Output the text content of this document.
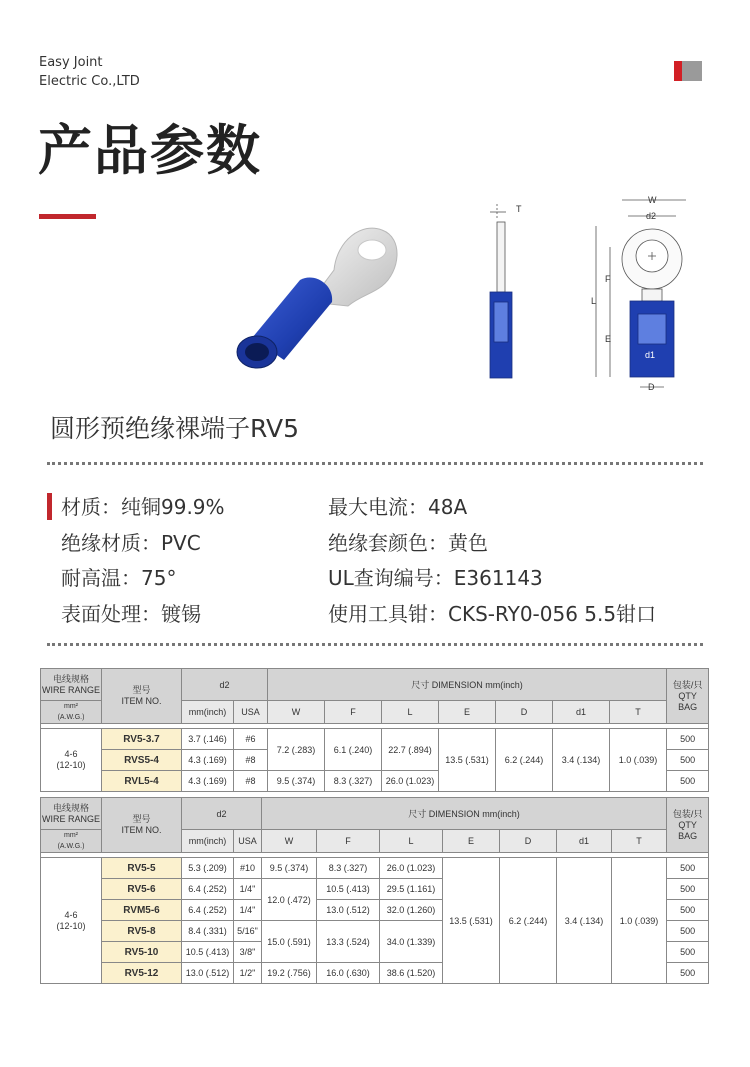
Easy Joint
Electric Co.,LTD
产品参数
T
W
d2
F
L
E
d1
D
圆形预绝缘裸端子RV5
材质：纯铜99.9%	最大电流：48A
绝缘材质：PVC	绝缘套颜色：黄色
耐高温：75°	UL查询编号：E361143
表面处理：镀锡	使用工具钳：CKS-RY0-056 5.5钳口
电线规格
WIRE RANGE	型号
ITEM NO.	d2		尺寸 DIMENSION mm(inch)							包装/只
QTY
BAG
mm²
(A.W.G.)		mm(inch)	USA	W	F	L	E	D	d1	T	

4-6
(12-10)	RV5-3.7	3.7 (.146)	#6	7.2 (.283)	6.1 (.240)	22.7 (.894)	13.5 (.531)	6.2 (.244)	3.4 (.134)	1.0 (.039)	500
	RVS5-4	4.3 (.169)	#8								500
	RVL5-4	4.3 (.169)	#8	9.5 (.374)	8.3 (.327)	26.0 (1.023)					500
电线规格
WIRE RANGE	型号
ITEM NO.	d2		尺寸 DIMENSION mm(inch)							包装/只
QTY
BAG
mm²
(A.W.G.)		mm(inch)	USA	W	F	L	E	D	d1	T	

4-6
(12-10)	RV5-5	5.3 (.209)	#10	9.5 (.374)	8.3 (.327)	26.0 (1.023)	13.5 (.531)	6.2 (.244)	3.4 (.134)	1.0 (.039)	500
	RV5-6	6.4 (.252)	1/4"	12.0 (.472)	10.5 (.413)	29.5 (1.161)					500
	RVM5-6	6.4 (.252)	1/4"		13.0 (.512)	32.0 (1.260)					500
	RV5-8	8.4 (.331)	5/16"	15.0 (.591)	13.3 (.524)	34.0 (1.339)					500
	RV5-10	10.5 (.413)	3/8"								500
	RV5-12	13.0 (.512)	1/2"	19.2 (.756)	16.0 (.630)	38.6 (1.520)					500
